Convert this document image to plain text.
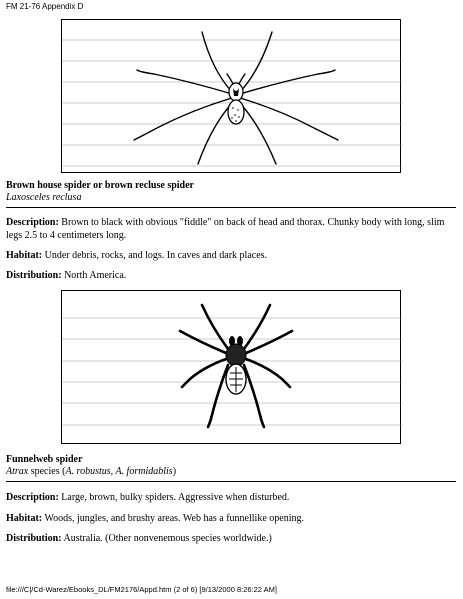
FM 21-76 Appendix D
Brown house spider or brown recluse spider
Laxosceles reclusa
Description: Brown to black with obvious "fiddle" on back of head and thorax. Chunky body with long, slim legs 2.5 to 4 centimeters long.
Habitat: Under debris, rocks, and logs. In caves and dark places.
Distribution: North America.
Funnelweb spider
Atrax species (A. robustus, A. formidablis)
Description: Large, brown, bulky spiders. Aggressive when disturbed.
Habitat: Woods, jungles, and brushy areas. Web has a funnellike opening.
Distribution: Australia. (Other nonvenemous species worldwide.)
file:///C|/Cd-Warez/Ebooks_DL/FM2176/Appd.htm (2 of 6) [9/13/2000 8:26:22 AM]
